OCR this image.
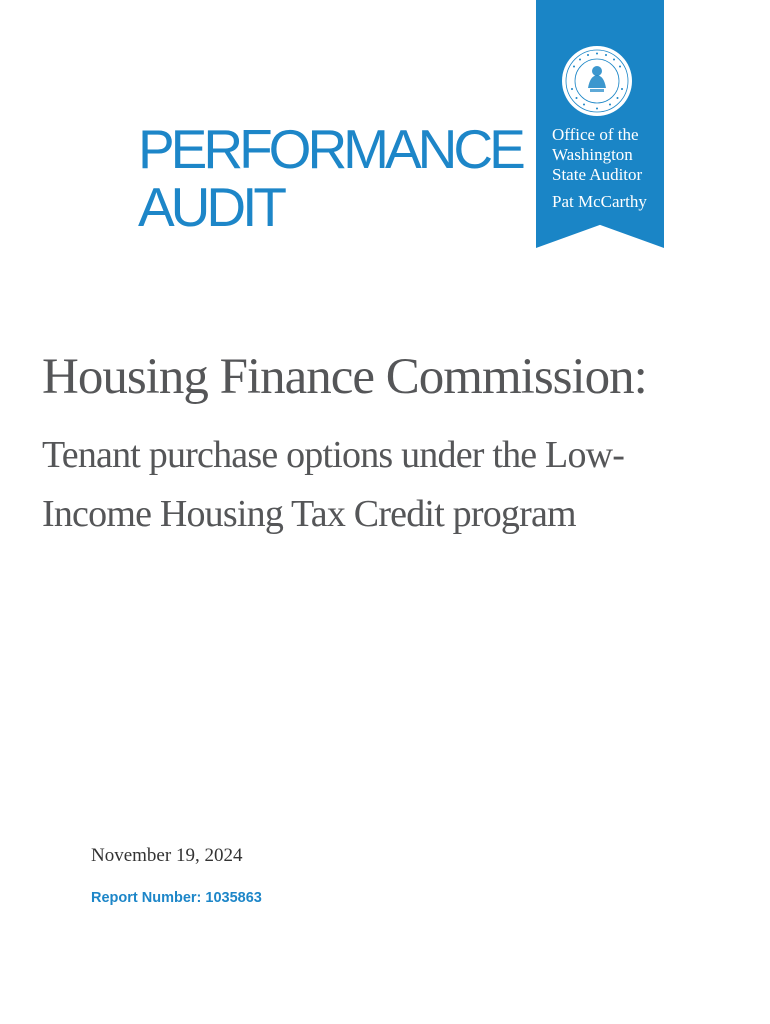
PERFORMANCE
AUDIT
Office of the
Washington
State Auditor
Pat McCarthy
Housing Finance Commission:
Tenant purchase options under the Low-
Income Housing Tax Credit program
November 19, 2024
Report Number: 1035863
